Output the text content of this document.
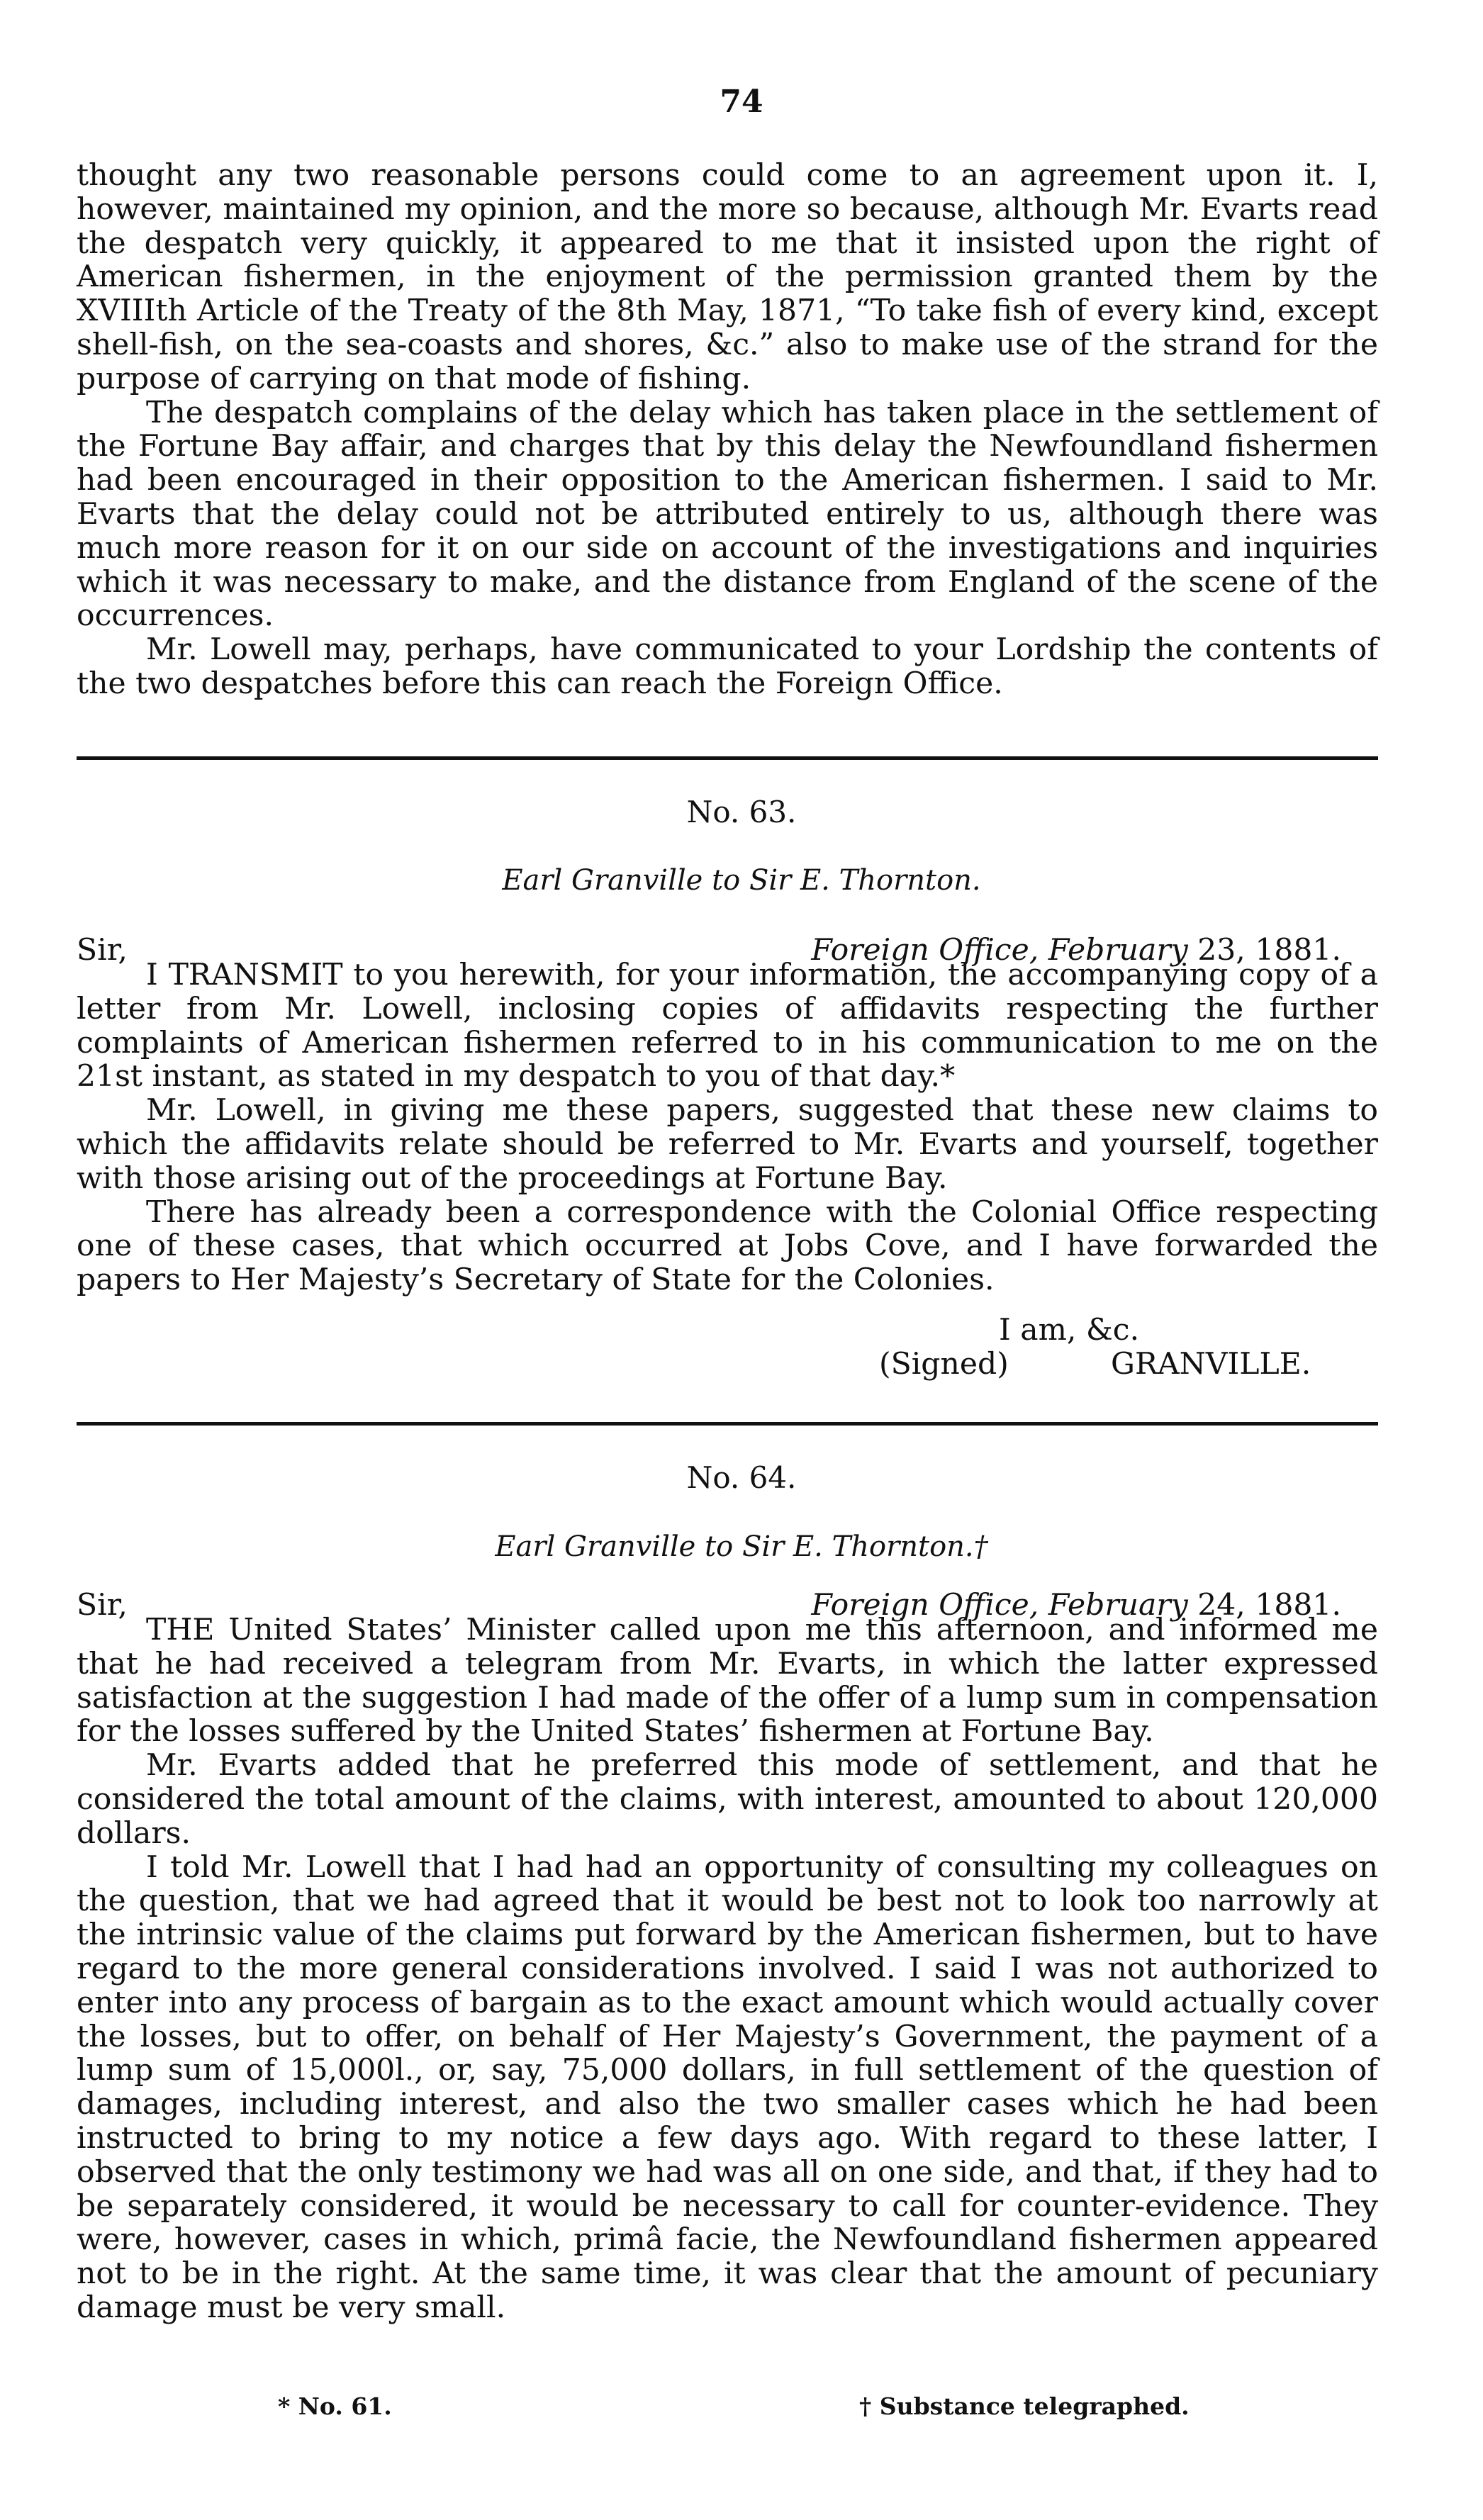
74

thought any two reasonable persons could come to an agreement upon it. I, however, maintained my opinion, and the more so because, although Mr. Evarts read the despatch very quickly, it appeared to me that it insisted upon the right of American fishermen, in the enjoyment of the permission granted them by the XVIIIth Article of the Treaty of the 8th May, 1871, “To take fish of every kind, except shell-fish, on the sea-coasts and shores, &c.” also to make use of the strand for the purpose of carrying on that mode of fishing.

The despatch complains of the delay which has taken place in the settlement of the Fortune Bay affair, and charges that by this delay the Newfoundland fishermen had been encouraged in their opposition to the American fishermen. I said to Mr. Evarts that the delay could not be attributed entirely to us, although there was much more reason for it on our side on account of the investigations and inquiries which it was necessary to make, and the distance from England of the scene of the occurrences.

Mr. Lowell may, perhaps, have communicated to your Lordship the contents of the two despatches before this can reach the Foreign Office.

No. 63.
Earl Granville to Sir E. Thornton.
Sir,	Foreign Office, February 23, 1881.

I TRANSMIT to you herewith, for your information, the accompanying copy of a letter from Mr. Lowell, inclosing copies of affidavits respecting the further complaints of American fishermen referred to in his communication to me on the 21st instant, as stated in my despatch to you of that day.*

Mr. Lowell, in giving me these papers, suggested that these new claims to which the affidavits relate should be referred to Mr. Evarts and yourself, together with those arising out of the proceedings at Fortune Bay.

There has already been a correspondence with the Colonial Office respecting one of these cases, that which occurred at Jobs Cove, and I have forwarded the papers to Her Majesty’s Secretary of State for the Colonies.

I am, &c.
(Signed)	GRANVILLE.
No. 64.
Earl Granville to Sir E. Thornton.†
Sir,	Foreign Office, February 24, 1881.

THE United States’ Minister called upon me this afternoon, and informed me that he had received a telegram from Mr. Evarts, in which the latter expressed satisfaction at the suggestion I had made of the offer of a lump sum in compensation for the losses suffered by the United States’ fishermen at Fortune Bay.

Mr. Evarts added that he preferred this mode of settlement, and that he considered the total amount of the claims, with interest, amounted to about 120,000 dollars.

I told Mr. Lowell that I had had an opportunity of consulting my colleagues on the question, that we had agreed that it would be best not to look too narrowly at the intrinsic value of the claims put forward by the American fishermen, but to have regard to the more general considerations involved. I said I was not authorized to enter into any process of bargain as to the exact amount which would actually cover the losses, but to offer, on behalf of Her Majesty’s Government, the payment of a lump sum of 15,000l., or, say, 75,000 dollars, in full settlement of the question of damages, including interest, and also the two smaller cases which he had been instructed to bring to my notice a few days ago. With regard to these latter, I observed that the only testimony we had was all on one side, and that, if they had to be separately considered, it would be necessary to call for counter-evidence. They were, however, cases in which, primâ facie, the Newfoundland fishermen appeared not to be in the right. At the same time, it was clear that the amount of pecuniary damage must be very small.

* No. 61.	† Substance telegraphed.
